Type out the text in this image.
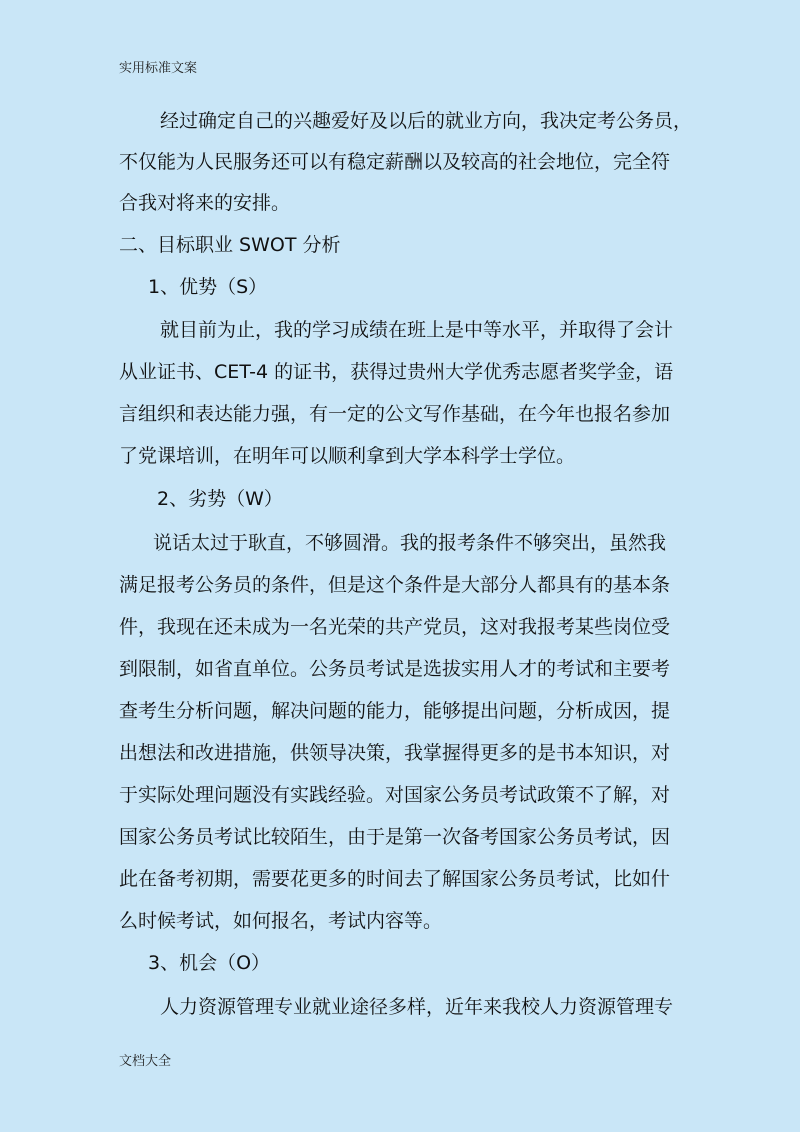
实用标准文案
经过确定自己的兴趣爱好及以后的就业方向，我决定考公务员，
不仅能为人民服务还可以有稳定薪酬以及较高的社会地位，完全符
合我对将来的安排。
二、目标职业 SWOT 分析
1、优势（S）
就目前为止，我的学习成绩在班上是中等水平，并取得了会计
从业证书、CET-4 的证书，获得过贵州大学优秀志愿者奖学金，语
言组织和表达能力强，有一定的公文写作基础，在今年也报名参加
了党课培训，在明年可以顺利拿到大学本科学士学位。
2、劣势（W）
说话太过于耿直，不够圆滑。我的报考条件不够突出，虽然我
满足报考公务员的条件，但是这个条件是大部分人都具有的基本条
件，我现在还未成为一名光荣的共产党员，这对我报考某些岗位受
到限制，如省直单位。公务员考试是选拔实用人才的考试和主要考
查考生分析问题，解决问题的能力，能够提出问题，分析成因，提
出想法和改进措施，供领导决策，我掌握得更多的是书本知识，对
于实际处理问题没有实践经验。对国家公务员考试政策不了解，对
国家公务员考试比较陌生，由于是第一次备考国家公务员考试，因
此在备考初期，需要花更多的时间去了解国家公务员考试，比如什
么时候考试，如何报名，考试内容等。
3、机会（O）
人力资源管理专业就业途径多样，近年来我校人力资源管理专
文档大全
